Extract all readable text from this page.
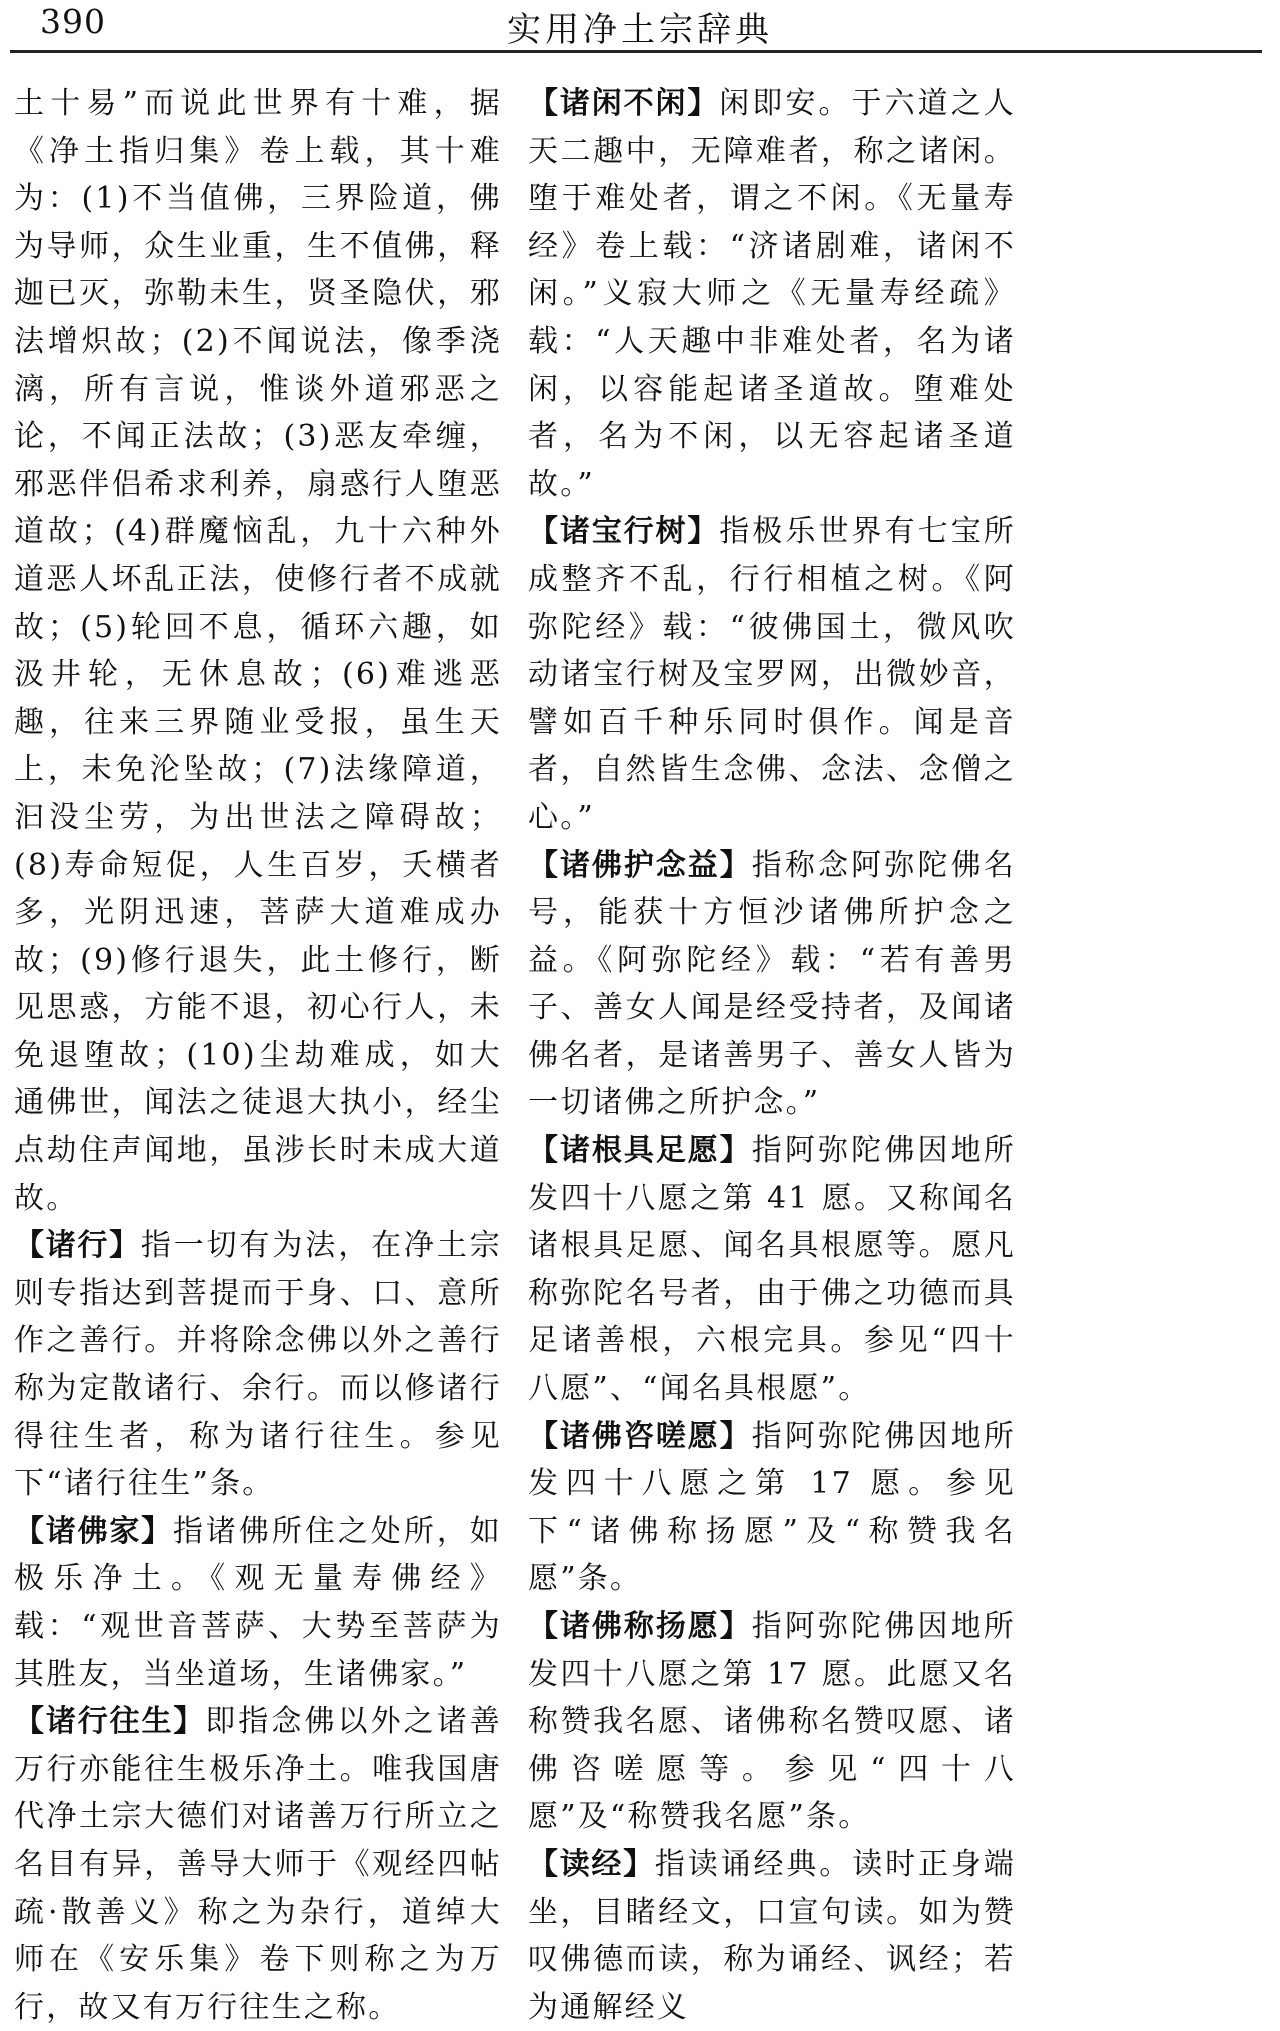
390	实用净土宗辞典

土十易”而说此世界有十难，据《净土指归集》卷上载，其十难为：(1)不当值佛，三界险道，佛为导师，众生业重，生不值佛，释迦已灭，弥勒未生，贤圣隐伏，邪法增炽故；(2)不闻说法，像季浇漓，所有言说，惟谈外道邪恶之论，不闻正法故；(3)恶友牵缠，邪恶伴侣希求利养，扇惑行人堕恶道故；(4)群魔恼乱，九十六种外道恶人坏乱正法，使修行者不成就故；(5)轮回不息，循环六趣，如汲井轮，无休息故；(6)难逃恶趣，往来三界随业受报，虽生天上，未免沦坠故；(7)法缘障道，汩没尘劳，为出世法之障碍故；(8)寿命短促，人生百岁，夭横者多，光阴迅速，菩萨大道难成办故；(9)修行退失，此土修行，断见思惑，方能不退，初心行人，未免退堕故；(10)尘劫难成，如大通佛世，闻法之徒退大执小，经尘点劫住声闻地，虽涉长时未成大道故。

【诸行】指一切有为法，在净土宗则专指达到菩提而于身、口、意所作之善行。并将除念佛以外之善行称为定散诸行、余行。而以修诸行得往生者，称为诸行往生。参见下“诸行往生”条。

【诸佛家】指诸佛所住之处所，如极乐净土。《观无量寿佛经》载：“观世音菩萨、大势至菩萨为其胜友，当坐道场，生诸佛家。”

【诸行往生】即指念佛以外之诸善万行亦能往生极乐净土。唯我国唐代净土宗大德们对诸善万行所立之名目有异，善导大师于《观经四帖疏·散善义》称之为杂行，道绰大师在《安乐集》卷下则称之为万行，故又有万行往生之称。

【诸闲不闲】闲即安。于六道之人天二趣中，无障难者，称之诸闲。堕于难处者，谓之不闲。《无量寿经》卷上载：“济诸剧难，诸闲不闲。”义寂大师之《无量寿经疏》载：“人天趣中非难处者，名为诸闲，以容能起诸圣道故。堕难处者，名为不闲，以无容起诸圣道故。”

【诸宝行树】指极乐世界有七宝所成整齐不乱，行行相植之树。《阿弥陀经》载：“彼佛国土，微风吹动诸宝行树及宝罗网，出微妙音，譬如百千种乐同时俱作。闻是音者，自然皆生念佛、念法、念僧之心。”

【诸佛护念益】指称念阿弥陀佛名号，能获十方恒沙诸佛所护念之益。《阿弥陀经》载：“若有善男子、善女人闻是经受持者，及闻诸佛名者，是诸善男子、善女人皆为一切诸佛之所护念。”

【诸根具足愿】指阿弥陀佛因地所发四十八愿之第 41 愿。又称闻名诸根具足愿、闻名具根愿等。愿凡称弥陀名号者，由于佛之功德而具足诸善根，六根完具。参见“四十八愿”、“闻名具根愿”。

【诸佛咨嗟愿】指阿弥陀佛因地所发四十八愿之第 17 愿。参见下“诸佛称扬愿”及“称赞我名愿”条。

【诸佛称扬愿】指阿弥陀佛因地所发四十八愿之第 17 愿。此愿又名称赞我名愿、诸佛称名赞叹愿、诸佛咨嗟愿等。参见“四十八愿”及“称赞我名愿”条。

【读经】指读诵经典。读时正身端坐，目睹经文，口宣句读。如为赞叹佛德而读，称为诵经、讽经；若为通解经义
